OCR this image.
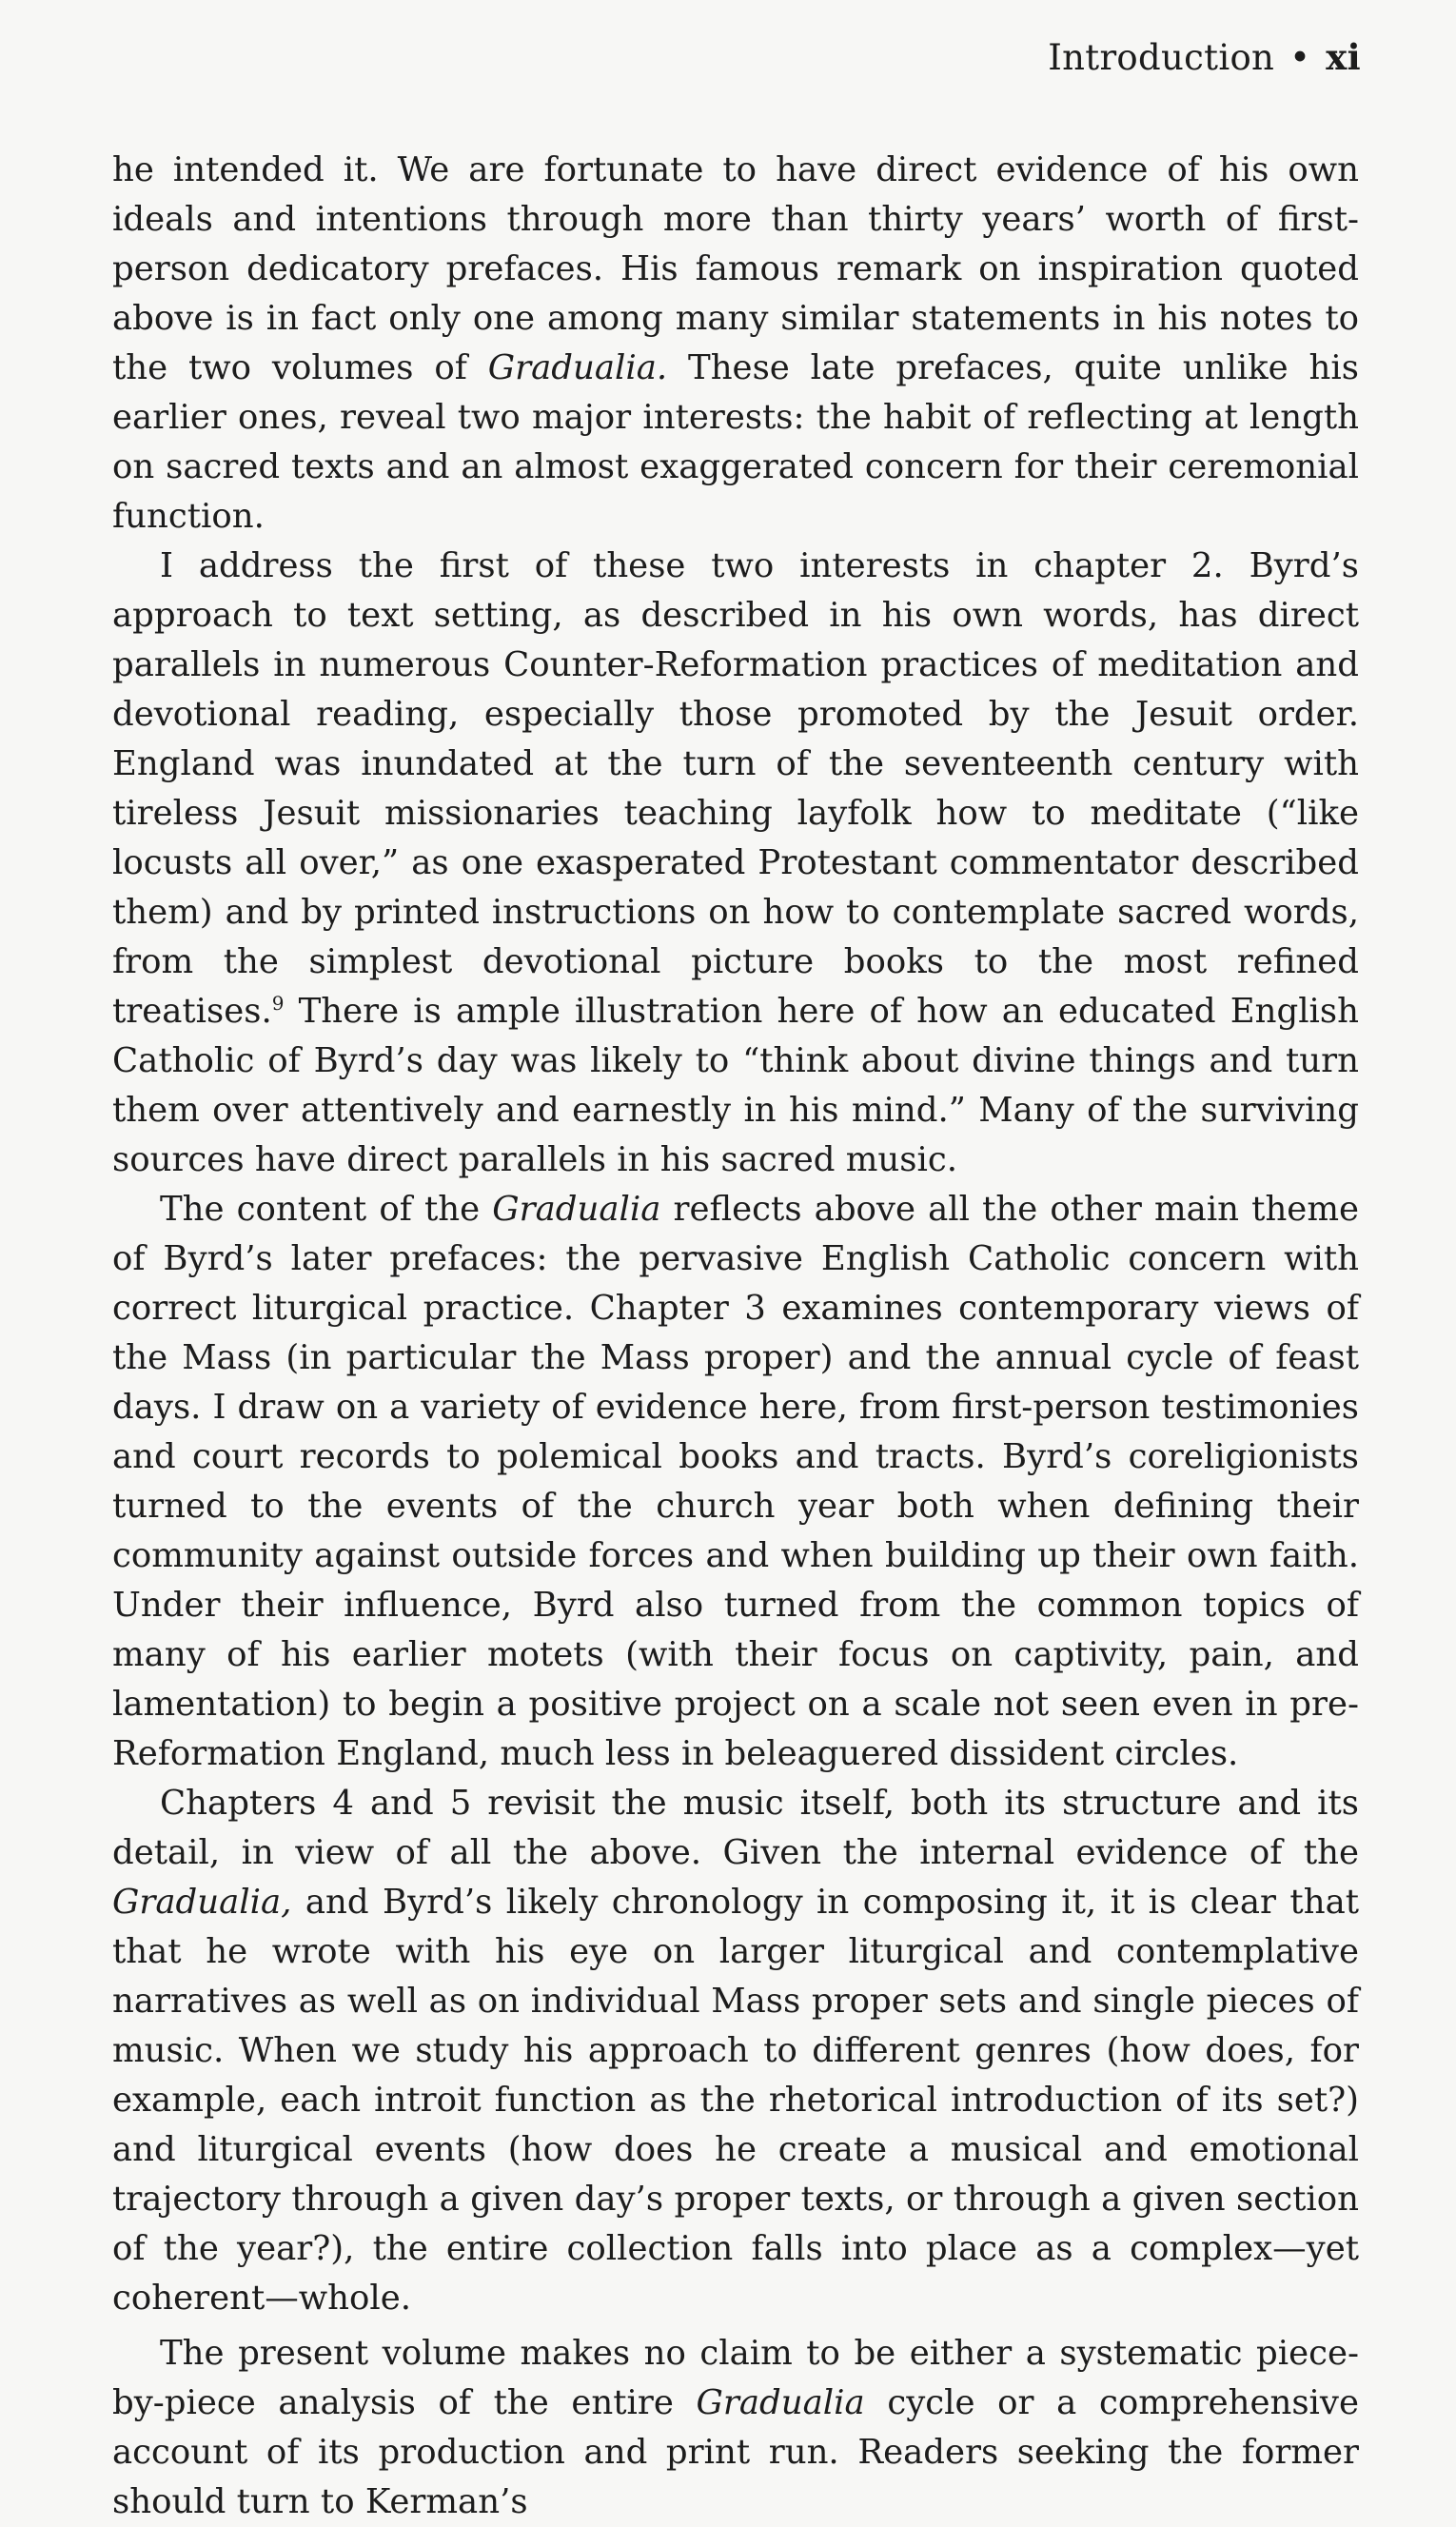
Introduction • xi

he intended it. We are fortunate to have direct evidence of his own ideals and intentions through more than thirty years’ worth of first-person dedicatory prefaces. His famous remark on inspiration quoted above is in fact only one among many similar statements in his notes to the two volumes of Gradualia. These late prefaces, quite unlike his earlier ones, reveal two major interests: the habit of reflecting at length on sacred texts and an almost exaggerated concern for their ceremonial function.

I address the first of these two interests in chapter 2. Byrd’s approach to text setting, as described in his own words, has direct parallels in numerous Counter-Reformation practices of meditation and devotional reading, especially those promoted by the Jesuit order. England was inundated at the turn of the seventeenth century with tireless Jesuit missionaries teaching layfolk how to meditate (“like locusts all over,” as one exasperated Protestant commentator described them) and by printed instructions on how to contemplate sacred words, from the simplest devotional picture books to the most refined treatises.$^9$ There is ample illustration here of how an educated English Catholic of Byrd’s day was likely to “think about divine things and turn them over attentively and earnestly in his mind.” Many of the surviving sources have direct parallels in his sacred music.

The content of the Gradualia reflects above all the other main theme of Byrd’s later prefaces: the pervasive English Catholic concern with correct liturgical practice. Chapter 3 examines contemporary views of the Mass (in particular the Mass proper) and the annual cycle of feast days. I draw on a variety of evidence here, from first-person testimonies and court records to polemical books and tracts. Byrd’s coreligionists turned to the events of the church year both when defining their community against outside forces and when building up their own faith. Under their influence, Byrd also turned from the common topics of many of his earlier motets (with their focus on captivity, pain, and lamentation) to begin a positive project on a scale not seen even in pre-Reformation England, much less in beleaguered dissident circles.

Chapters 4 and 5 revisit the music itself, both its structure and its detail, in view of all the above. Given the internal evidence of the Gradualia, and Byrd’s likely chronology in composing it, it is clear that that he wrote with his eye on larger liturgical and contemplative narratives as well as on individual Mass proper sets and single pieces of music. When we study his approach to different genres (how does, for example, each introit function as the rhetorical introduction of its set?) and liturgical events (how does he create a musical and emotional trajectory through a given day’s proper texts, or through a given section of the year?), the entire collection falls into place as a complex—yet coherent—whole.

The present volume makes no claim to be either a systematic piece-by-piece analysis of the entire Gradualia cycle or a comprehensive account of its production and print run. Readers seeking the former should turn to Kerman’s
